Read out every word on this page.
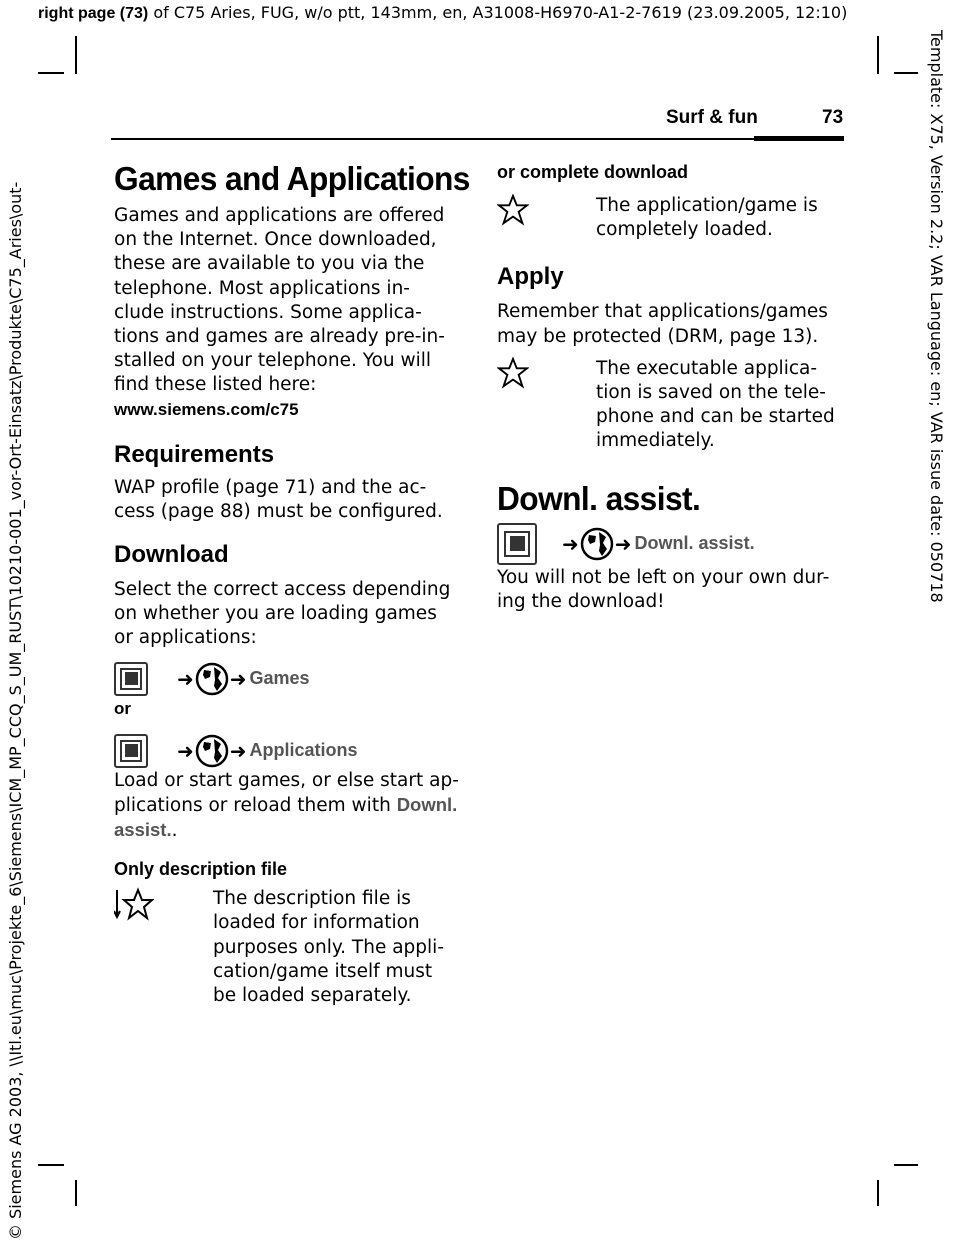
right page (73) of C75 Aries, FUG, w/o ptt, 143mm, en, A31008-H6970-A1-2-7619 (23.09.2005, 12:10)
Template: X75, Version 2.2; VAR Language: en; VAR issue date: 050718
© Siemens AG 2003, \\Itl.eu\muc\Projekte_6\Siemens\ICM_MP_CCQ_S_UM_RUST\10210-001_vor-Ort-Einsatz\Produkte\C75_Aries\out-
Surf & fun	73
Games and Applications

Games and applications are offered on the Internet. Once downloaded, these are available to you via the telephone. Most applications in-clude instructions. Some applica-tions and games are already pre-in-stalled on your telephone. You will find these listed here:

www.siemens.com/c75
Requirements

WAP profile (page 71) and the ac-cess (page 88) must be configured.

Download

Select the correct access depending on whether you are loading games or applications:

➜ ➜ Games
or
➜ ➜ Applications

Load or start games, or else start ap-plications or reload them with Downl. assist..

Only description file

The description file is loaded for information purposes only. The appli-cation/game itself must be loaded separately.

or complete download

The application/game is completely loaded.

Apply

Remember that applications/games may be protected (DRM, page 13).

The executable applica-tion is saved on the tele-phone and can be started immediately.

Downl. assist.
➜ ➜ Downl. assist.

You will not be left on your own dur-ing the download!
